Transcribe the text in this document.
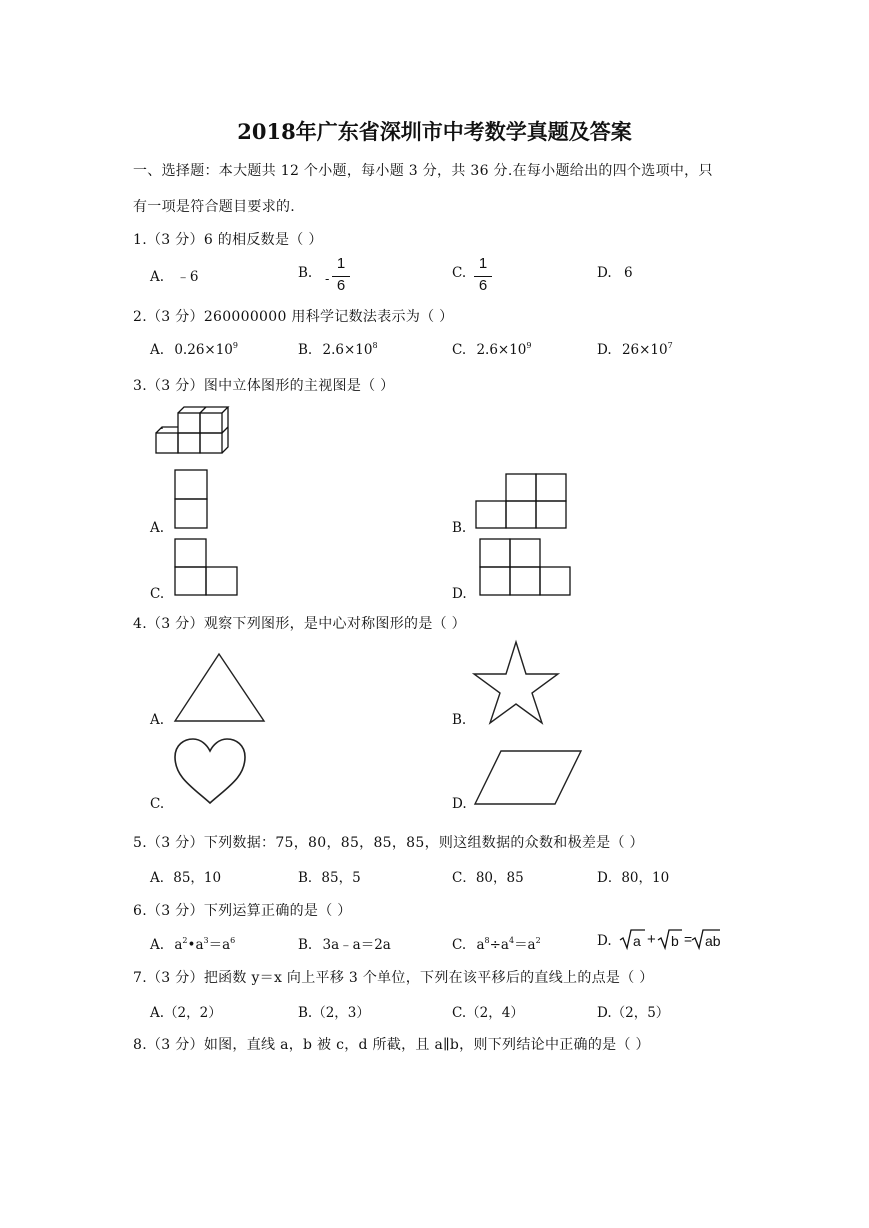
2018年广东省深圳市中考数学真题及答案
一、选择题：本大题共 12 个小题，每小题 3 分，共 36 分.在每小题给出的四个选项中，只
有一项是符合题目要求的.
1.（3 分）6 的相反数是（ ）
A. ﹣6	B. -
1
6
C.
1
6
D. 6
2.（3 分）260000000 用科学记数法表示为（ ）
A. $0.26\times 10^9$	B. $2.6\times 10^8$	C. $2.6\times 10^9$	D. $26\times 10^7$
3.（3 分）图中立体图形的主视图是（ ）
A.	B.
C.	D.
4.（3 分）观察下列图形，是中心对称图形的是（ ）
A.	B.
C.	D.
5.（3 分）下列数据：75，80，85，85，85，则这组数据的众数和极差是（ ）
A．85，10	B．85，5	C．80，85	D．80，10
6.（3 分）下列运算正确的是（ ）
A. $a^2•a^3=a^6$	B. 3a﹣a＝2a	C. $a^8\div a^4=a^2$	D. a + b = ab
7.（3 分）把函数 y＝x 向上平移 3 个单位，下列在该平移后的直线上的点是（ ）
A.（2，2）	B.（2，3）	C.（2，4）	D.（2，5）
8.（3 分）如图，直线 a，b 被 c，d 所截，且 a∥b，则下列结论中正确的是（ ）
